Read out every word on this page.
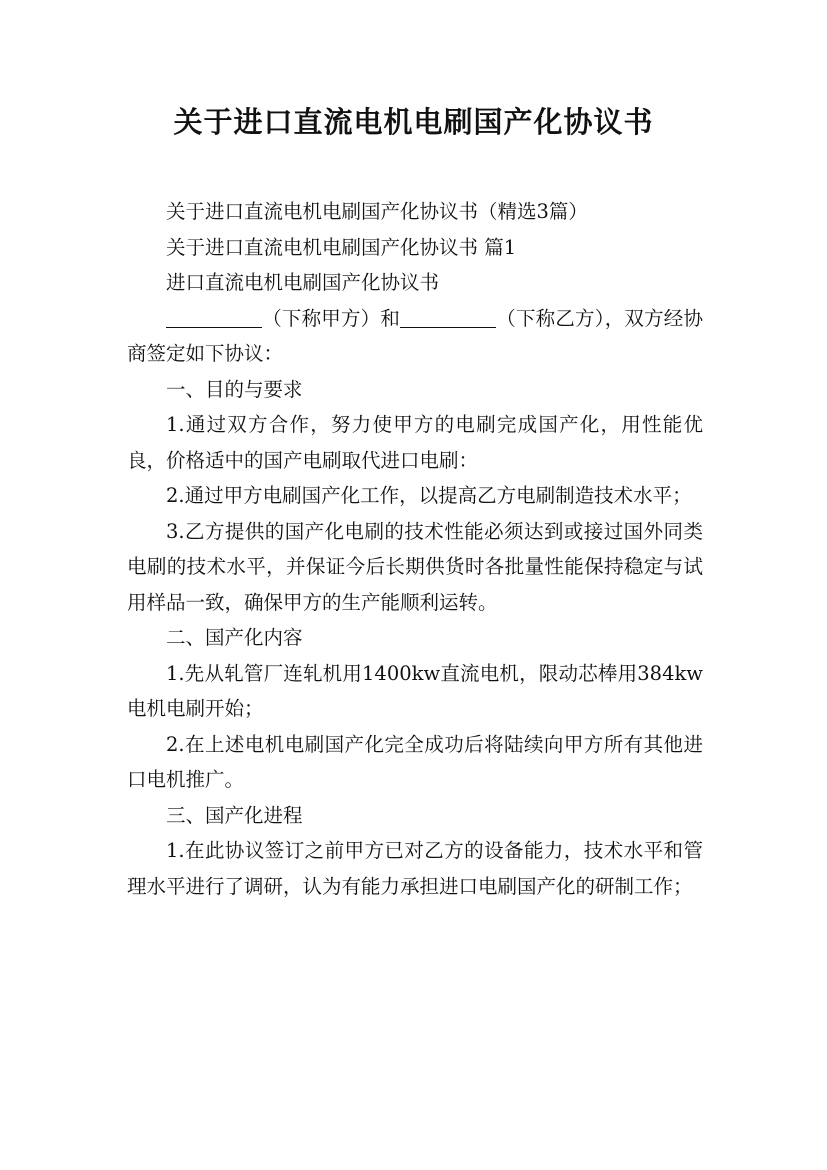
关于进口直流电机电刷国产化协议书

关于进口直流电机电刷国产化协议书（精选3篇）

关于进口直流电机电刷国产化协议书 篇1

进口直流电机电刷国产化协议书

（下称甲方）和	（下称乙方），双方经协商签定如下协议：

一、目的与要求

1.通过双方合作，努力使甲方的电刷完成国产化，用性能优良，价格适中的国产电刷取代进口电刷：

2.通过甲方电刷国产化工作，以提高乙方电刷制造技术水平；

3.乙方提供的国产化电刷的技术性能必须达到或接过国外同类电刷的技术水平，并保证今后长期供货时各批量性能保持稳定与试用样品一致，确保甲方的生产能顺利运转。

二、国产化内容

1.先从轧管厂连轧机用1400kw直流电机，限动芯棒用384kw电机电刷开始；

2.在上述电机电刷国产化完全成功后将陆续向甲方所有其他进口电机推广。

三、国产化进程

1.在此协议签订之前甲方已对乙方的设备能力，技术水平和管理水平进行了调研，认为有能力承担进口电刷国产化的研制工作；
